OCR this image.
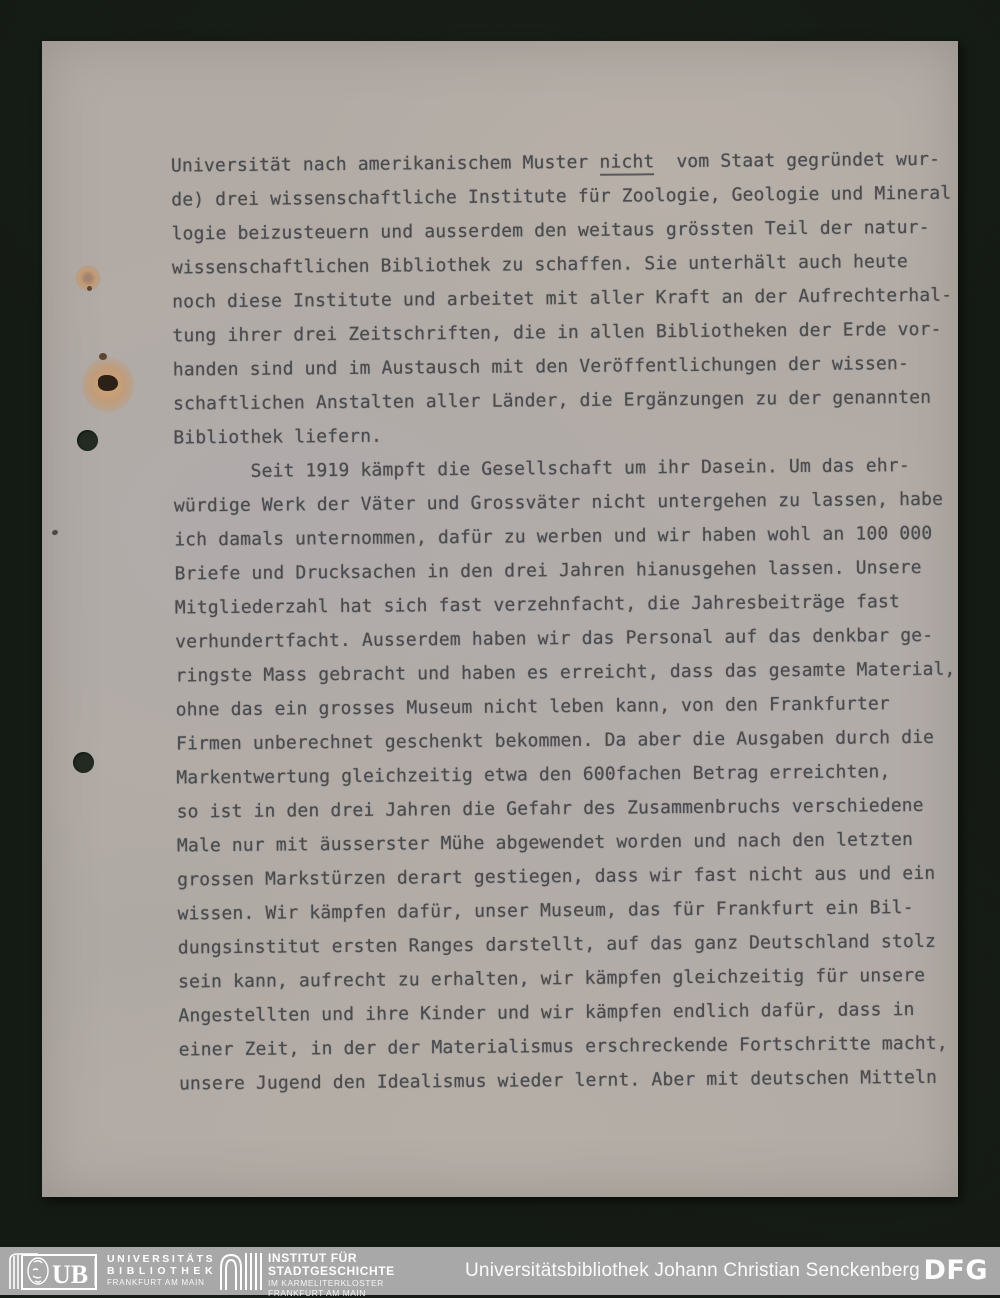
Universität nach amerikanischem Muster nicht  vom Staat gegründet wur-
de) drei wissenschaftliche Institute für Zoologie, Geologie und Mineral
logie beizusteuern und ausserdem den weitaus grössten Teil der natur-
wissenschaftlichen Bibliothek zu schaffen. Sie unterhält auch heute
noch diese Institute und arbeitet mit aller Kraft an der Aufrechterhal-
tung ihrer drei Zeitschriften, die in allen Bibliotheken der Erde vor-
handen sind und im Austausch mit den Veröffentlichungen der wissen-
schaftlichen Anstalten aller Länder, die Ergänzungen zu der genannten
Bibliothek liefern.
Seit 1919 kämpft die Gesellschaft um ihr Dasein. Um das ehr-
würdige Werk der Väter und Grossväter nicht untergehen zu lassen, habe
ich damals unternommen, dafür zu werben und wir haben wohl an 100 000
Briefe und Drucksachen in den drei Jahren hianusgehen lassen. Unsere
Mitgliederzahl hat sich fast verzehnfacht, die Jahresbeiträge fast
verhundertfacht. Ausserdem haben wir das Personal auf das denkbar ge-
ringste Mass gebracht und haben es erreicht, dass das gesamte Material,
ohne das ein grosses Museum nicht leben kann, von den Frankfurter
Firmen unberechnet geschenkt bekommen. Da aber die Ausgaben durch die
Markentwertung gleichzeitig etwa den 600fachen Betrag erreichten,
so ist in den drei Jahren die Gefahr des Zusammenbruchs verschiedene
Male nur mit äusserster Mühe abgewendet worden und nach den letzten
grossen Markstürzen derart gestiegen, dass wir fast nicht aus und ein
wissen. Wir kämpfen dafür, unser Museum, das für Frankfurt ein Bil-
dungsinstitut ersten Ranges darstellt, auf das ganz Deutschland stolz
sein kann, aufrecht zu erhalten, wir kämpfen gleichzeitig für unsere
Angestellten und ihre Kinder und wir kämpfen endlich dafür, dass in
einer Zeit, in der der Materialismus erschreckende Fortschritte macht,
unsere Jugend den Idealismus wieder lernt. Aber mit deutschen Mitteln
UB
UNIVERSITÄTS
BIBLIOTHEK
FRANKFURT AM MAIN
INSTITUT FÜR
STADTGESCHICHTE
IM KARMELITERKLOSTER
FRANKFURT AM MAIN
Universitätsbibliothek Johann Christian Senckenberg DFG
